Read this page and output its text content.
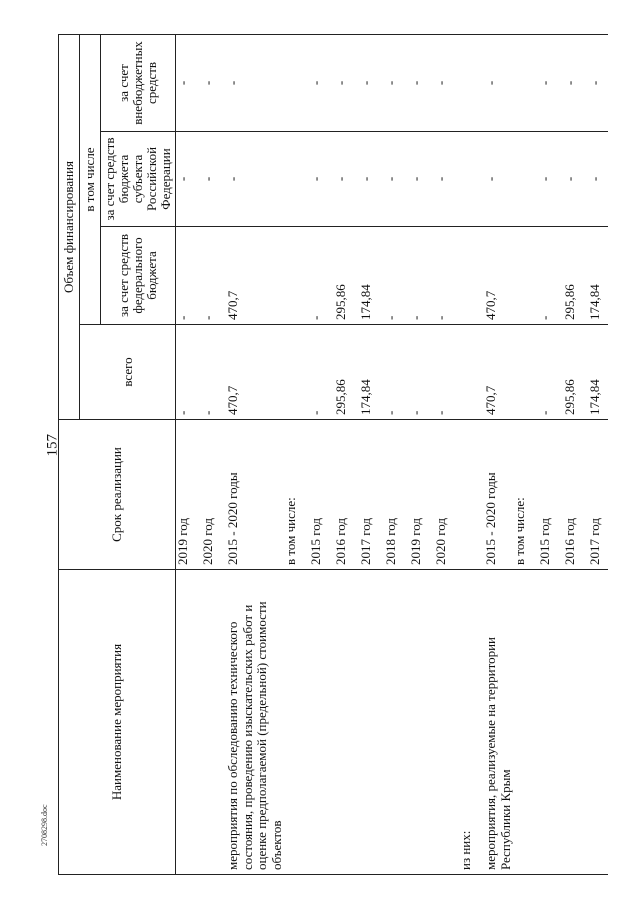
157
2708298.doc
Наименование мероприятия	Срок реализации	Объем финансирования			
		всего	в том числе		
			за счет средств федерального бюджета	за счет средств бюджета субъекта Российской Федерации	за счет внебюджетных средств
	2019 год	-	-	-	-
	2020 год	-	-	-	-
мероприятия по обследованию технического состояния, проведению изыскательских работ и оценке предполагаемой (предельной) стоимости объектов	2015 - 2020 годы	470,7	470,7	-	-
	в том числе:				
	2015 год	-	-	-	-
	2016 год	295,86	295,86	-	-
	2017 год	174,84	174,84	-	-
	2018 год	-	-	-	-
	2019 год	-	-	-	-
	2020 год	-	-	-	-
из них:					
мероприятия, реализуемые на территории Республики Крым	2015 - 2020 годы	470,7	470,7	-	-
	в том числе:				
	2015 год	-	-	-	-
	2016 год	295,86	295,86	-	-
	2017 год	174,84	174,84	-	-
